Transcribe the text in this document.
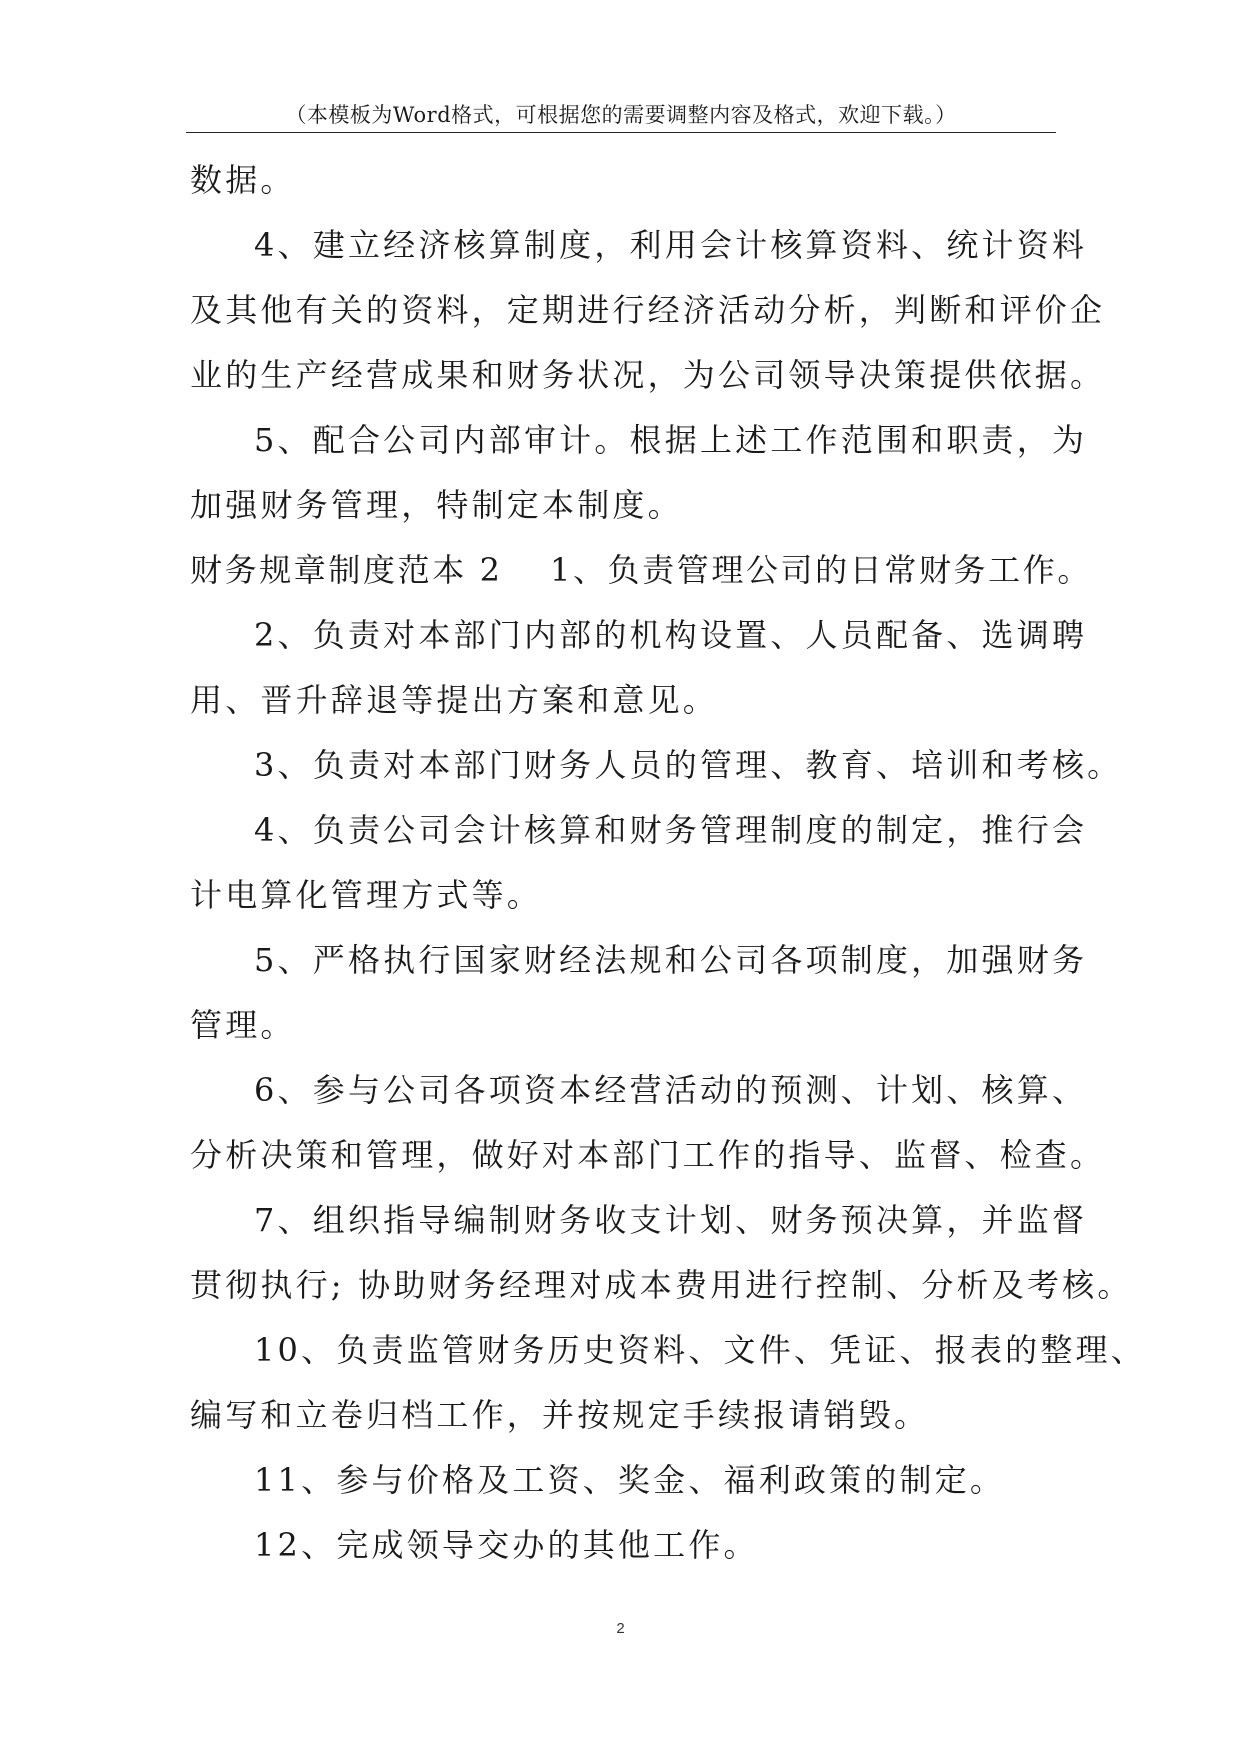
（本模板为Word格式，可根据您的需要调整内容及格式，欢迎下载。）
数据。
4、建立经济核算制度，利用会计核算资料、统计资料
及其他有关的资料，定期进行经济活动分析，判断和评价企
业的生产经营成果和财务状况，为公司领导决策提供依据。
5、配合公司内部审计。根据上述工作范围和职责，为
加强财务管理，特制定本制度。
财务规章制度范本 2 1、负责管理公司的日常财务工作。
2、负责对本部门内部的机构设置、人员配备、选调聘
用、晋升辞退等提出方案和意见。
3、负责对本部门财务人员的管理、教育、培训和考核。
4、负责公司会计核算和财务管理制度的制定，推行会
计电算化管理方式等。
5、严格执行国家财经法规和公司各项制度，加强财务
管理。
6、参与公司各项资本经营活动的预测、计划、核算、
分析决策和管理，做好对本部门工作的指导、监督、检查。
7、组织指导编制财务收支计划、财务预决算，并监督
贯彻执行; 协助财务经理对成本费用进行控制、分析及考核。
10、负责监管财务历史资料、文件、凭证、报表的整理、
编写和立卷归档工作，并按规定手续报请销毁。
11、参与价格及工资、奖金、福利政策的制定。
12、完成领导交办的其他工作。
2
